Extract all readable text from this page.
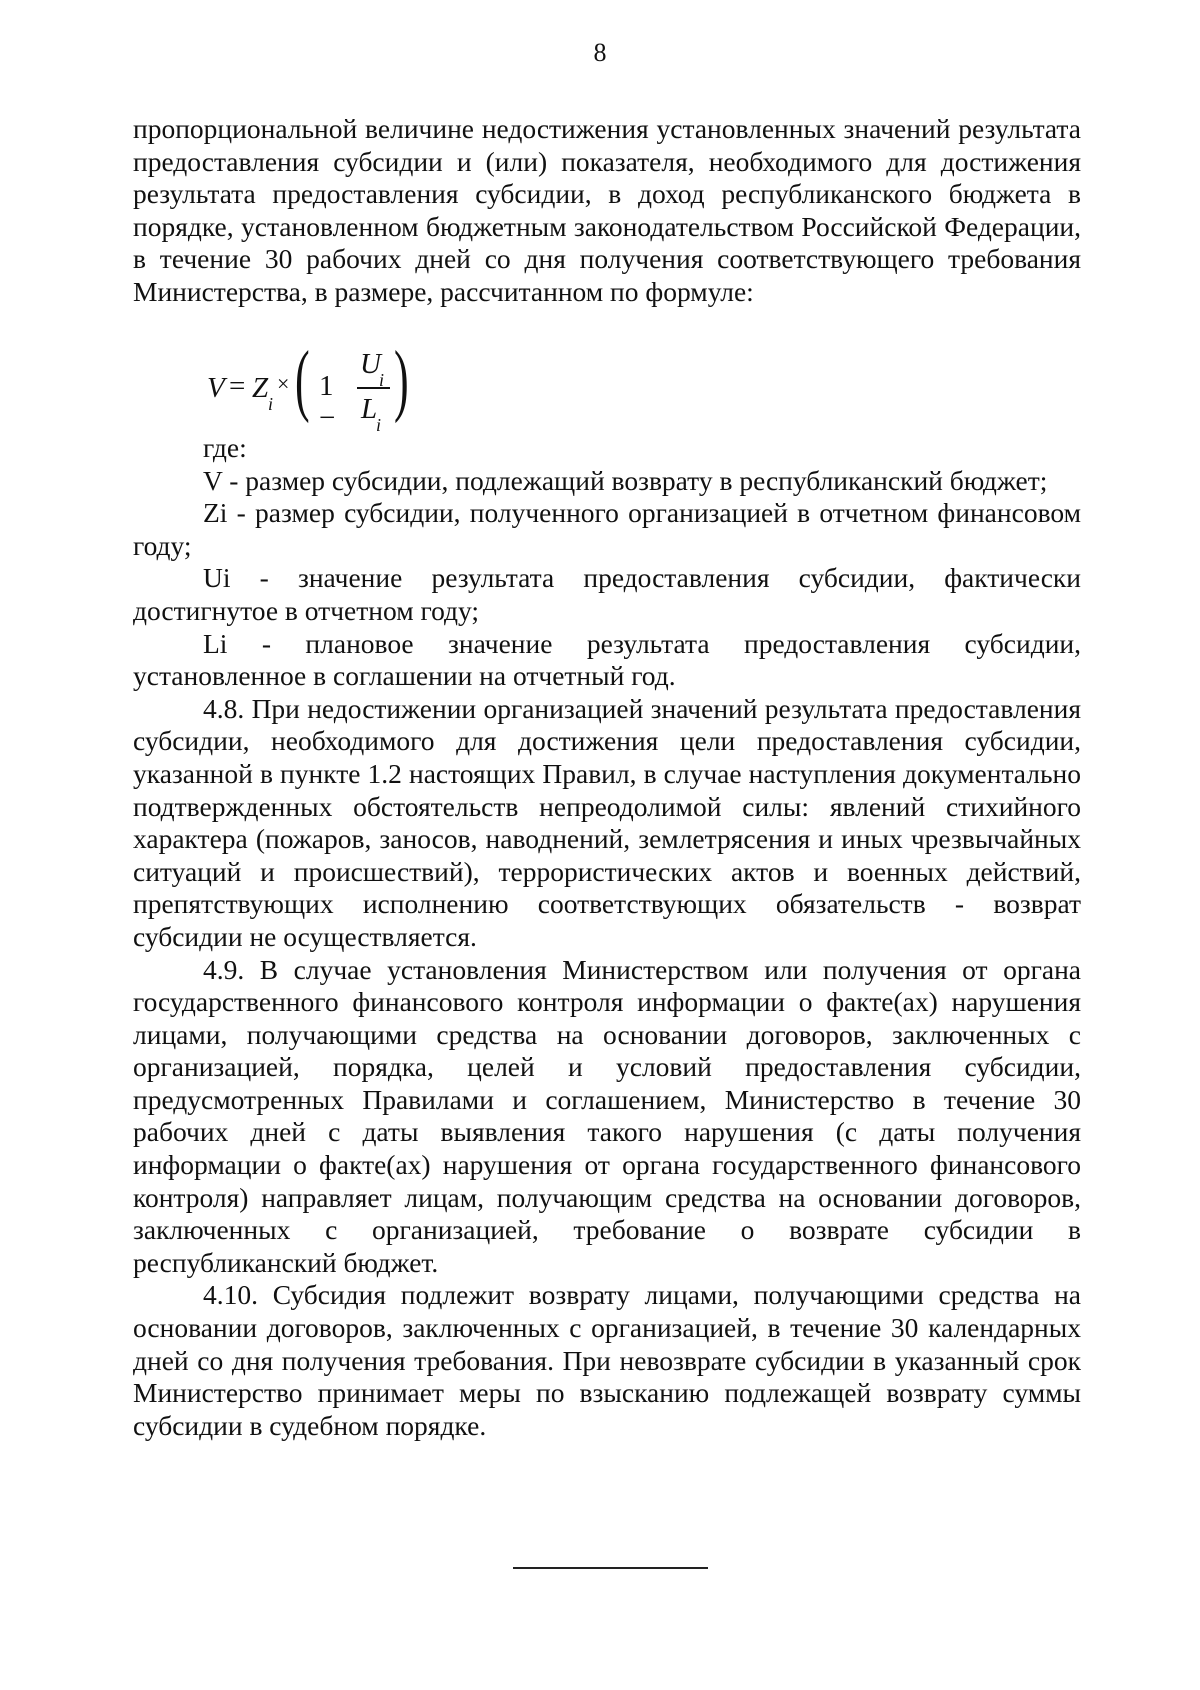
8

пропорциональной величине недостижения установленных значений результата предоставления субсидии и (или) показателя, необходимого для достижения результата предоставления субсидии, в доход республиканского бюджета в порядке, установленном бюджетным законодательством Российской Федерации, в течение 30 рабочих дней со дня получения соответствующего требования Министерства, в размере, рассчитанном по формуле:

V = Z i
× ( 1 −
U
i
L
i
)

где:

V - размер субсидии, подлежащий возврату в республиканский бюджет;

Zi - размер субсидии, полученного организацией в отчетном финансовом году;

Ui - значение результата предоставления субсидии, фактически достигнутое в отчетном году;

Li - плановое значение результата предоставления субсидии, установленное в соглашении на отчетный год.

4.8. При недостижении организацией значений результата предоставления субсидии, необходимого для достижения цели предоставления субсидии, указанной в пункте 1.2 настоящих Правил, в случае наступления документально подтвержденных обстоятельств непреодолимой силы: явлений стихийного характера (пожаров, заносов, наводнений, землетрясения и иных чрезвычайных ситуаций и происшествий), террористических актов и военных действий, препятствующих исполнению соответствующих обязательств - возврат субсидии не осуществляется.

4.9. В случае установления Министерством или получения от органа государственного финансового контроля информации о факте(ах) нарушения лицами, получающими средства на основании договоров, заключенных с организацией, порядка, целей и условий предоставления субсидии, предусмотренных Правилами и соглашением, Министерство в течение 30 рабочих дней с даты выявления такого нарушения (с даты получения информации о факте(ах) нарушения от органа государственного финансового контроля) направляет лицам, получающим средства на основании договоров, заключенных с организацией, требование о возврате субсидии в республиканский бюджет.

4.10. Субсидия подлежит возврату лицами, получающими средства на основании договоров, заключенных с организацией, в течение 30 календарных дней со дня получения требования. При невозврате субсидии в указанный срок Министерство принимает меры по взысканию подлежащей возврату суммы субсидии в судебном порядке.
